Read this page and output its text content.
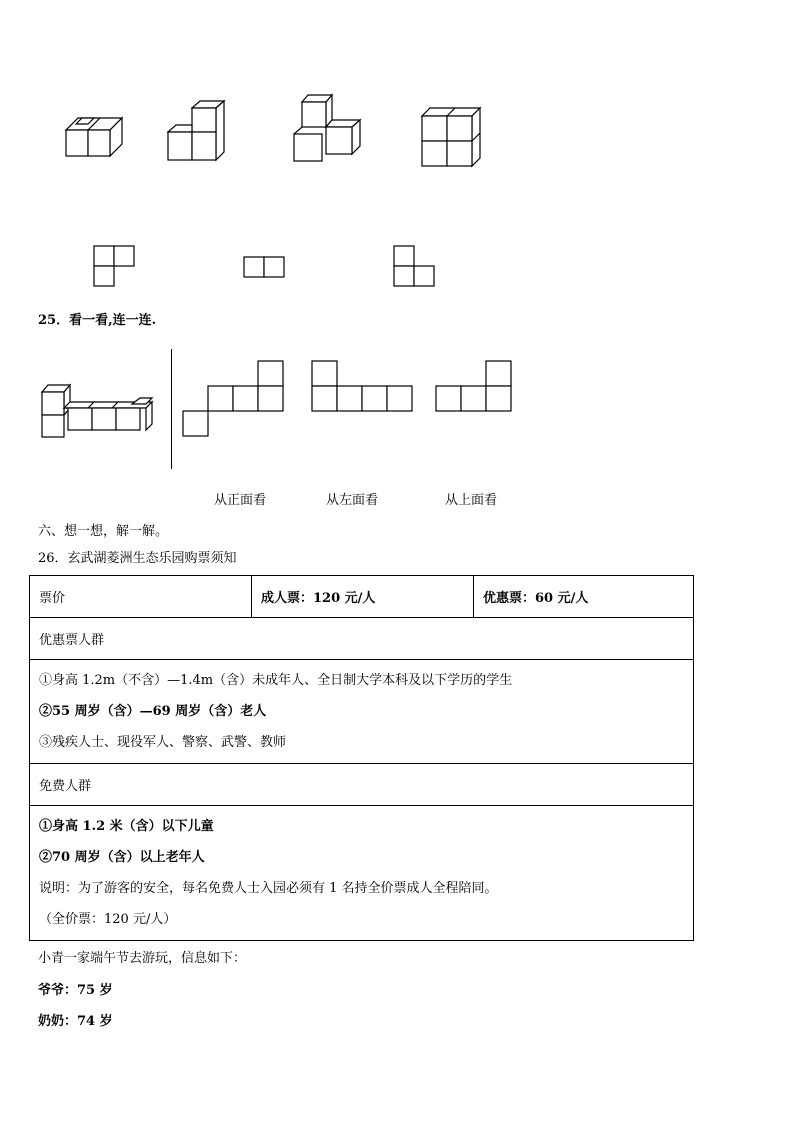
25．看一看,连一连.
从正面看	从左面看	从上面看
六、想一想，解一解。
26．玄武湖菱洲生态乐园购票须知
票价	成人票：120 元/人	优惠票：60 元/人
优惠票人群

①身高 1.2m（不含）—1.4m（含）未成年人、全日制大学本科及以下学历的学生
②55 周岁（含）—69 周岁（含）老人
③残疾人士、现役军人、警察、武警、教师

免费人群

①身高 1.2 米（含）以下儿童
②70 周岁（含）以上老年人
说明：为了游客的安全，每名免费人士入园必须有 1 名持全价票成人全程陪同。
（全价票：120 元/人）
小青一家端午节去游玩，信息如下：
爷爷：75 岁
奶奶：74 岁
